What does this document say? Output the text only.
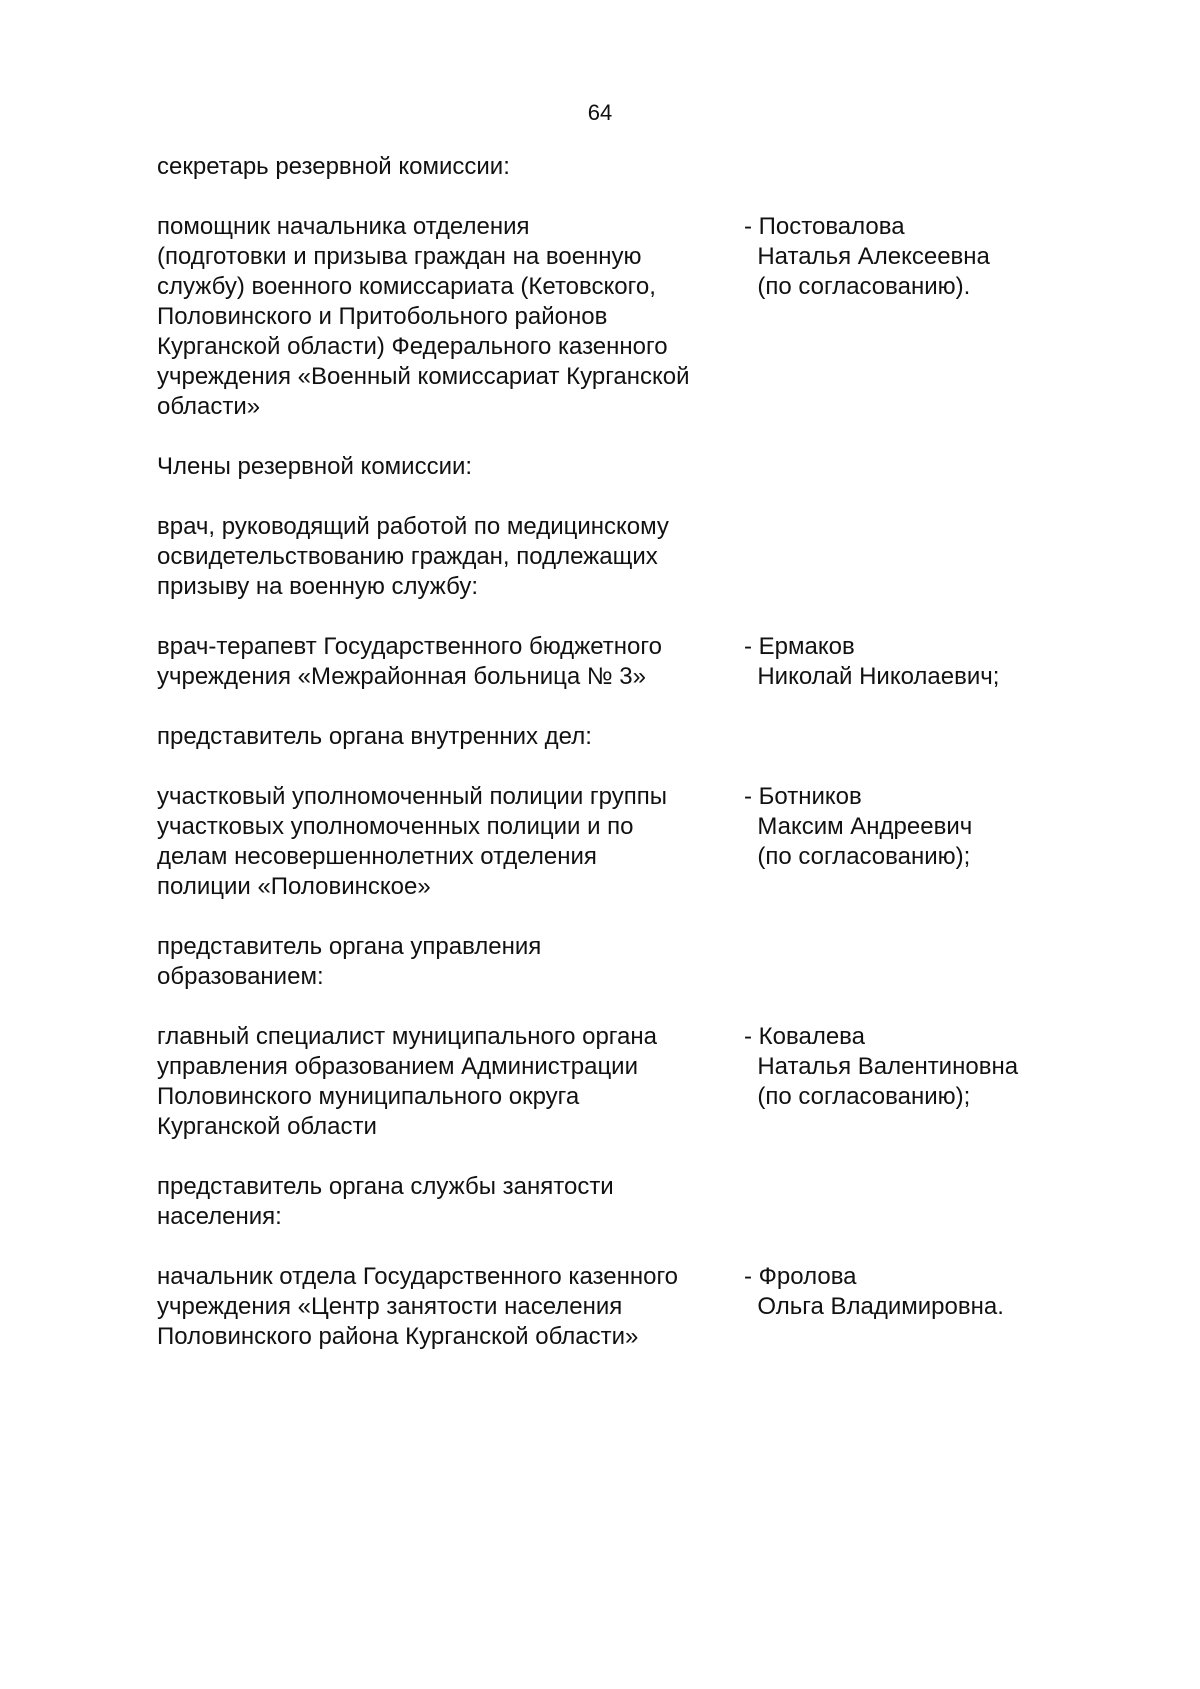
64
секретарь резервной комиссии:
помощник начальника отделения
(подготовки и призыва граждан на военную
службу) военного комиссариата (Кетовского,
Половинского и Притобольного районов
Курганской области) Федерального казенного
учреждения «Военный комиссариат Курганской
области»
- Постовалова
Наталья Алексеевна
(по согласованию).
Члены резервной комиссии:
врач, руководящий работой по медицинскому
освидетельствованию граждан, подлежащих
призыву на военную службу:
врач-терапевт Государственного бюджетного
учреждения «Межрайонная больница № 3»
- Ермаков
Николай Николаевич;
представитель органа внутренних дел:
участковый уполномоченный полиции группы
участковых уполномоченных полиции и по
делам несовершеннолетних отделения
полиции «Половинское»
- Ботников
Максим Андреевич
(по согласованию);
представитель органа управления
образованием:
главный специалист муниципального органа
управления образованием Администрации
Половинского муниципального округа
Курганской области
- Ковалева
Наталья Валентиновна
(по согласованию);
представитель органа службы занятости
населения:
начальник отдела Государственного казенного
учреждения «Центр занятости населения
Половинского района Курганской области»
- Фролова
Ольга Владимировна.
